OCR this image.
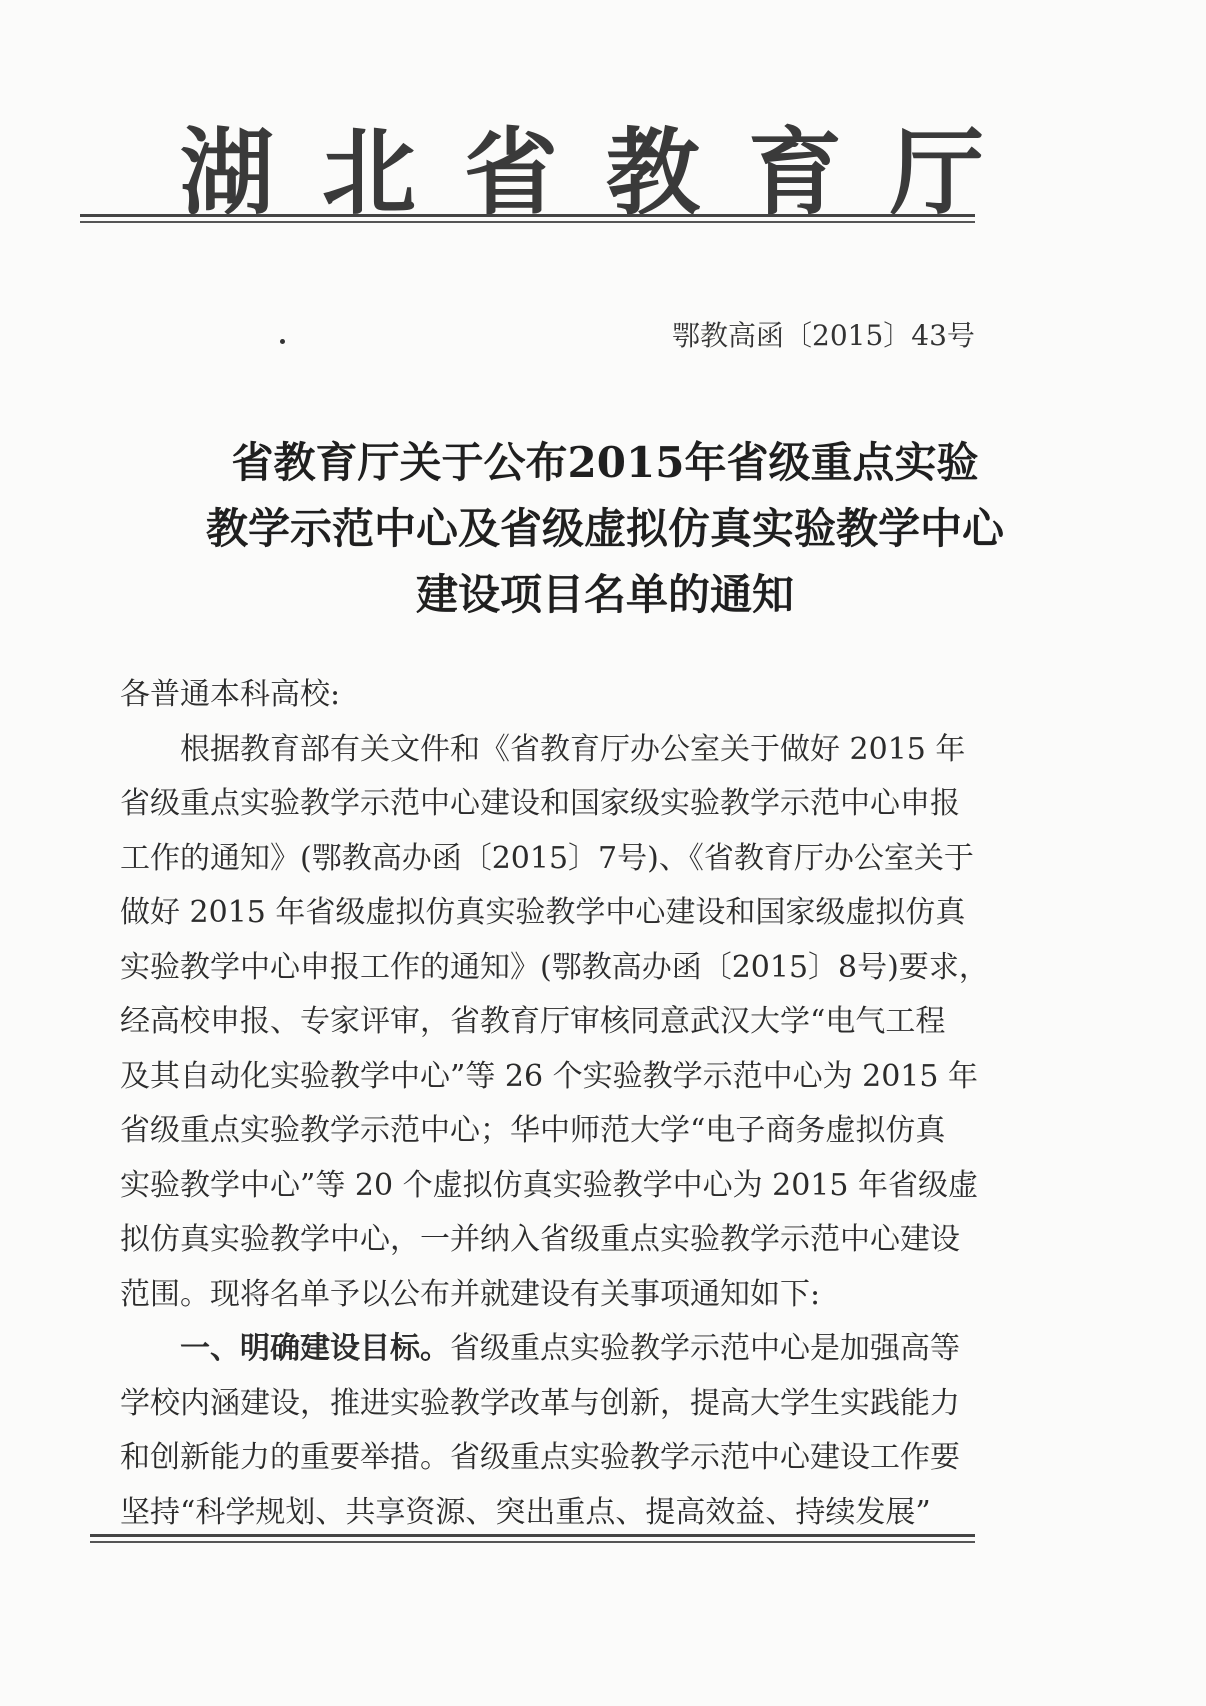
湖北省教育厅
鄂教高函〔2015〕43号
省教育厅关于公布2015年省级重点实验
教学示范中心及省级虚拟仿真实验教学中心
建设项目名单的通知
各普通本科高校:
根据教育部有关文件和《省教育厅办公室关于做好 2015 年
省级重点实验教学示范中心建设和国家级实验教学示范中心申报
工作的通知》(鄂教高办函〔2015〕7号)、《省教育厅办公室关于
做好 2015 年省级虚拟仿真实验教学中心建设和国家级虚拟仿真
实验教学中心申报工作的通知》(鄂教高办函〔2015〕8号)要求，
经高校申报、专家评审，省教育厅审核同意武汉大学“电气工程
及其自动化实验教学中心”等 26 个实验教学示范中心为 2015 年
省级重点实验教学示范中心；华中师范大学“电子商务虚拟仿真
实验教学中心”等 20 个虚拟仿真实验教学中心为 2015 年省级虚
拟仿真实验教学中心，一并纳入省级重点实验教学示范中心建设
范围。现将名单予以公布并就建设有关事项通知如下:
一、明确建设目标。省级重点实验教学示范中心是加强高等
学校内涵建设，推进实验教学改革与创新，提高大学生实践能力
和创新能力的重要举措。省级重点实验教学示范中心建设工作要
坚持“科学规划、共享资源、突出重点、提高效益、持续发展”
